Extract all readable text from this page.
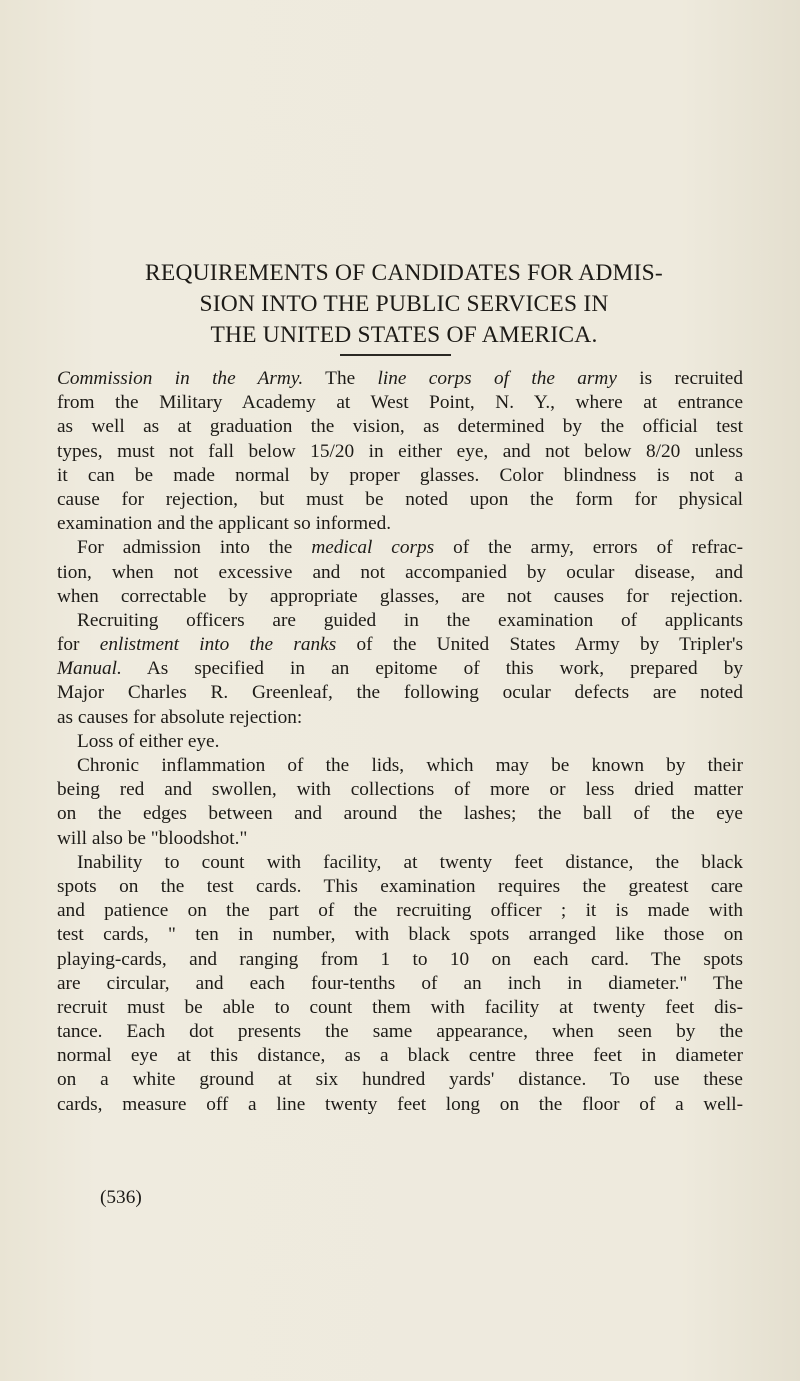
REQUIREMENTS OF CANDIDATES FOR ADMIS-
SION INTO THE PUBLIC SERVICES IN
THE UNITED STATES OF AMERICA.
Commission in the Army. The line corps of the army is recruited
from the Military Academy at West Point, N. Y., where at entrance
as well as at graduation the vision, as determined by the official test
types, must not fall below 15/20 in either eye, and not below 8/20 unless
it can be made normal by proper glasses. Color blindness is not a
cause for rejection, but must be noted upon the form for physical
examination and the applicant so informed.
For admission into the medical corps of the army, errors of refrac-
tion, when not excessive and not accompanied by ocular disease, and
when correctable by appropriate glasses, are not causes for rejection.
Recruiting officers are guided in the examination of applicants
for enlistment into the ranks of the United States Army by Tripler's
Manual. As specified in an epitome of this work, prepared by
Major Charles R. Greenleaf, the following ocular defects are noted
as causes for absolute rejection:
Loss of either eye.
Chronic inflammation of the lids, which may be known by their
being red and swollen, with collections of more or less dried matter
on the edges between and around the lashes; the ball of the eye
will also be "bloodshot."
Inability to count with facility, at twenty feet distance, the black
spots on the test cards. This examination requires the greatest care
and patience on the part of the recruiting officer ; it is made with
test cards, " ten in number, with black spots arranged like those on
playing-cards, and ranging from 1 to 10 on each card. The spots
are circular, and each four-tenths of an inch in diameter." The
recruit must be able to count them with facility at twenty feet dis-
tance. Each dot presents the same appearance, when seen by the
normal eye at this distance, as a black centre three feet in diameter
on a white ground at six hundred yards' distance. To use these
cards, measure off a line twenty feet long on the floor of a well-
(536)
